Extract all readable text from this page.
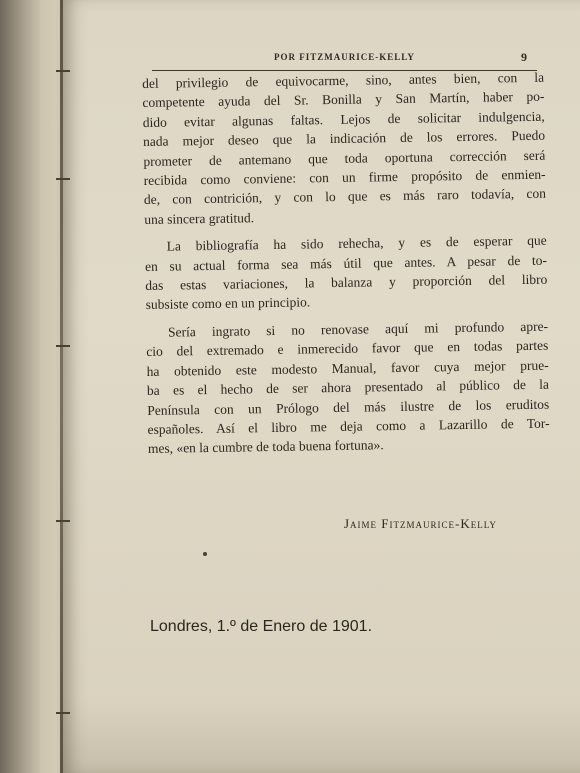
POR FITZMAURICE-KELLY	9
del privilegio de equivocarme, sino, antes bien, con la
competente ayuda del Sr. Bonilla y San Martín, haber po-
dido evitar algunas faltas. Lejos de solicitar indulgencia,
nada mejor deseo que la indicación de los errores. Puedo
prometer de antemano que toda oportuna corrección será
recibida como conviene: con un firme propósito de enmien-
de, con contrición, y con lo que es más raro todavía, con
una sincera gratitud.
La bibliografía ha sido rehecha, y es de esperar que
en su actual forma sea más útil que antes. A pesar de to-
das estas variaciones, la balanza y proporción del libro
subsiste como en un principio.
Sería ingrato si no renovase aquí mi profundo apre-
cio del extremado e inmerecido favor que en todas partes
ha obtenido este modesto Manual, favor cuya mejor prue-
ba es el hecho de ser ahora presentado al público de la
Península con un Prólogo del más ilustre de los eruditos
españoles. Así el libro me deja como a Lazarillo de Tor-
mes, «en la cumbre de toda buena fortuna».
Jaime Fitzmaurice-Kelly
Londres, 1.º de Enero de 1901.
